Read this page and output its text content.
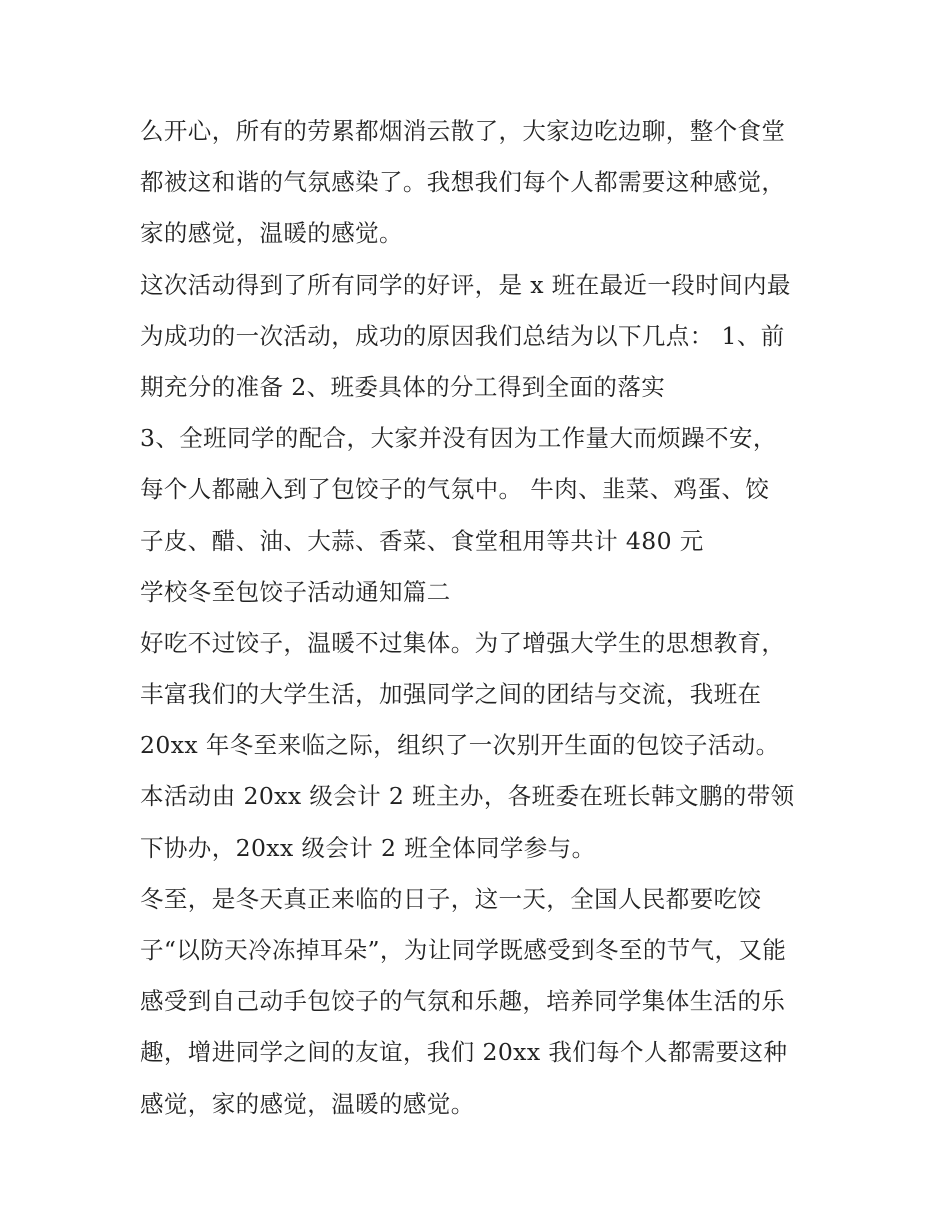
么开心，所有的劳累都烟消云散了，大家边吃边聊，整个食堂
都被这和谐的气氛感染了。我想我们每个人都需要这种感觉，
家的感觉，温暖的感觉。
这次活动得到了所有同学的好评，是 x 班在最近一段时间内最
为成功的一次活动，成功的原因我们总结为以下几点： 1、前
期充分的准备 2、班委具体的分工得到全面的落实
3、全班同学的配合，大家并没有因为工作量大而烦躁不安，
每个人都融入到了包饺子的气氛中。 牛肉、韭菜、鸡蛋、饺
子皮、醋、油、大蒜、香菜、食堂租用等共计 480 元
学校冬至包饺子活动通知篇二
好吃不过饺子，温暖不过集体。为了增强大学生的思想教育，
丰富我们的大学生活，加强同学之间的团结与交流，我班在
20xx 年冬至来临之际，组织了一次别开生面的包饺子活动。
本活动由 20xx 级会计 2 班主办，各班委在班长韩文鹏的带领
下协办，20xx 级会计 2 班全体同学参与。
冬至，是冬天真正来临的日子，这一天，全国人民都要吃饺
子“以防天冷冻掉耳朵”，为让同学既感受到冬至的节气，又能
感受到自己动手包饺子的气氛和乐趣，培养同学集体生活的乐
趣，增进同学之间的友谊，我们 20xx 我们每个人都需要这种
感觉，家的感觉，温暖的感觉。
